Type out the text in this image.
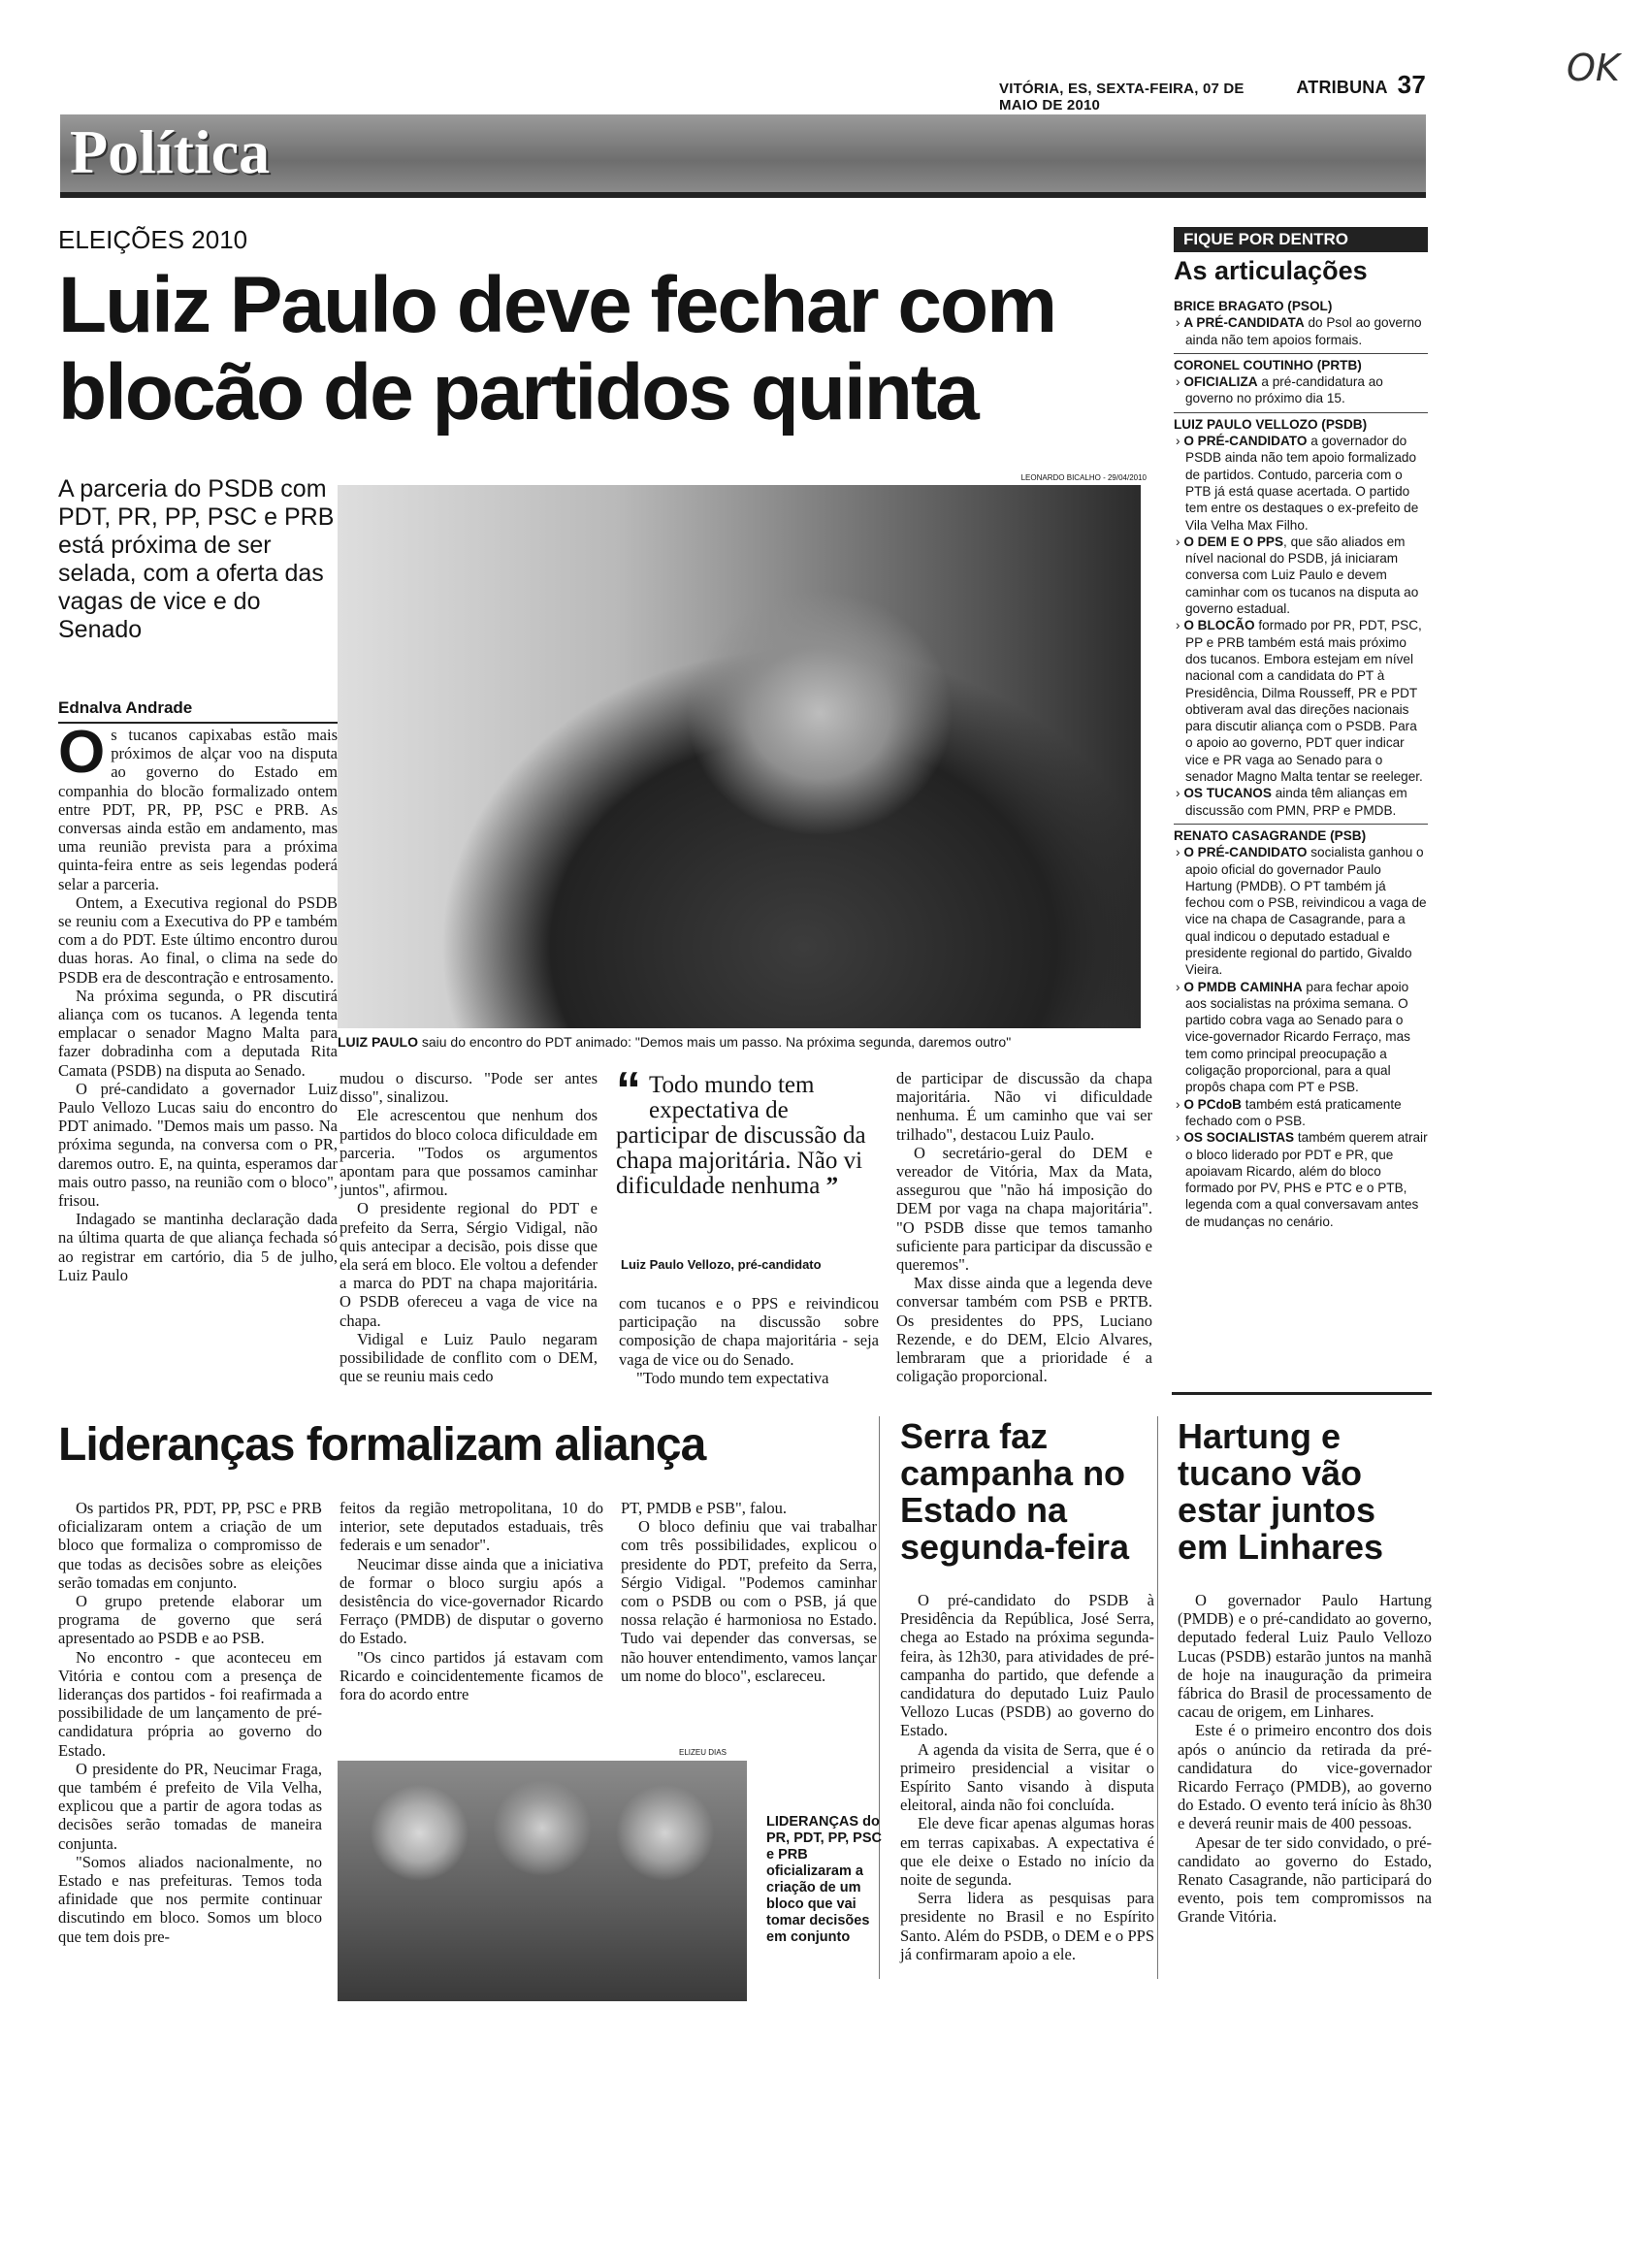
VITÓRIA, ES, SEXTA-FEIRA, 07 DE MAIO DE 2010
ATRIBUNA 37	OK
Política
ELEIÇÕES 2010
Luiz Paulo deve fechar com blocão de partidos quinta
A parceria do PSDB com PDT, PR, PP, PSC e PRB está próxima de ser selada, com a oferta das vagas de vice e do Senado
Ednalva Andrade
O s tucanos capixabas estão mais próximos de alçar voo na disputa ao governo do Estado em companhia do blocão formalizado ontem entre PDT, PR, PP, PSC e PRB. As conversas ainda estão em andamento, mas uma reunião prevista para a próxima quinta-feira entre as seis legendas poderá selar a parceria.

Ontem, a Executiva regional do PSDB se reuniu com a Executiva do PP e também com a do PDT. Este último encontro durou duas horas. Ao final, o clima na sede do PSDB era de descontração e entrosamento.

Na próxima segunda, o PR discutirá aliança com os tucanos. A legenda tenta emplacar o senador Magno Malta para fazer dobradinha com a deputada Rita Camata (PSDB) na disputa ao Senado.

O pré-candidato a governador Luiz Paulo Vellozo Lucas saiu do encontro do PDT animado. "Demos mais um passo. Na próxima segunda, na conversa com o PR, daremos outro. E, na quinta, esperamos dar mais outro passo, na reunião com o bloco", frisou.

Indagado se mantinha declaração dada na última quarta de que aliança fechada só ao registrar em cartório, dia 5 de julho, Luiz Paulo

LEONARDO BICALHO - 29/04/2010
LUIZ PAULO saiu do encontro do PDT animado: "Demos mais um passo. Na próxima segunda, daremos outro"

mudou o discurso. "Pode ser antes disso", sinalizou.

Ele acrescentou que nenhum dos partidos do bloco coloca dificuldade em parceria. "Todos os argumentos apontam para que possamos caminhar juntos", afirmou.

O presidente regional do PDT e prefeito da Serra, Sérgio Vidigal, não quis antecipar a decisão, pois disse que ela será em bloco. Ele voltou a defender a marca do PDT na chapa majoritária. O PSDB ofereceu a vaga de vice na chapa.

Vidigal e Luiz Paulo negaram possibilidade de conflito com o DEM, que se reuniu mais cedo

“ Todo mundo tem expectativa de participar de discussão da chapa majoritária. Não vi dificuldade nenhuma ”
Luiz Paulo Vellozo, pré-candidato

com tucanos e o PPS e reivindicou participação na discussão sobre composição de chapa majoritária - seja vaga de vice ou do Senado.

"Todo mundo tem expectativa

de participar de discussão da chapa majoritária. Não vi dificuldade nenhuma. É um caminho que vai ser trilhado", destacou Luiz Paulo.

O secretário-geral do DEM e vereador de Vitória, Max da Mata, assegurou que "não há imposição do DEM por vaga na chapa majoritária". "O PSDB disse que temos tamanho suficiente para participar da discussão e queremos".

Max disse ainda que a legenda deve conversar também com PSB e PRTB. Os presidentes do PPS, Luciano Rezende, e do DEM, Elcio Alvares, lembraram que a prioridade é a coligação proporcional.

FIQUE POR DENTRO
As articulações
BRICE BRAGATO (PSOL)
› A PRÉ-CANDIDATA do Psol ao governo ainda não tem apoios formais.
CORONEL COUTINHO (PRTB)
› OFICIALIZA a pré-candidatura ao governo no próximo dia 15.
LUIZ PAULO VELLOZO (PSDB)
› O PRÉ-CANDIDATO a governador do PSDB ainda não tem apoio formalizado de partidos. Contudo, parceria com o PTB já está quase acertada. O partido tem entre os destaques o ex-prefeito de Vila Velha Max Filho.
› O DEM E O PPS, que são aliados em nível nacional do PSDB, já iniciaram conversa com Luiz Paulo e devem caminhar com os tucanos na disputa ao governo estadual.
› O BLOCÃO formado por PR, PDT, PSC, PP e PRB também está mais próximo dos tucanos. Embora estejam em nível nacional com a candidata do PT à Presidência, Dilma Rousseff, PR e PDT obtiveram aval das direções nacionais para discutir aliança com o PSDB. Para o apoio ao governo, PDT quer indicar vice e PR vaga ao Senado para o senador Magno Malta tentar se reeleger.
› OS TUCANOS ainda têm alianças em discussão com PMN, PRP e PMDB.
RENATO CASAGRANDE (PSB)
› O PRÉ-CANDIDATO socialista ganhou o apoio oficial do governador Paulo Hartung (PMDB). O PT também já fechou com o PSB, reivindicou a vaga de vice na chapa de Casagrande, para a qual indicou o deputado estadual e presidente regional do partido, Givaldo Vieira.
› O PMDB CAMINHA para fechar apoio aos socialistas na próxima semana. O partido cobra vaga ao Senado para o vice-governador Ricardo Ferraço, mas tem como principal preocupação a coligação proporcional, para a qual propôs chapa com PT e PSB.
› O PCdoB também está praticamente fechado com o PSB.
› OS SOCIALISTAS também querem atrair o bloco liderado por PDT e PR, que apoiavam Ricardo, além do bloco formado por PV, PHS e PTC e o PTB, legenda com a qual conversavam antes de mudanças no cenário.
Lideranças formalizam aliança

Os partidos PR, PDT, PP, PSC e PRB oficializaram ontem a criação de um bloco que formaliza o compromisso de que todas as decisões sobre as eleições serão tomadas em conjunto.

O grupo pretende elaborar um programa de governo que será apresentado ao PSDB e ao PSB.

No encontro - que aconteceu em Vitória e contou com a presença de lideranças dos partidos - foi reafirmada a possibilidade de um lançamento de pré-candidatura própria ao governo do Estado.

O presidente do PR, Neucimar Fraga, que também é prefeito de Vila Velha, explicou que a partir de agora todas as decisões serão tomadas de maneira conjunta.

"Somos aliados nacionalmente, no Estado e nas prefeituras. Temos toda afinidade que nos permite continuar discutindo em bloco. Somos um bloco que tem dois pre-

feitos da região metropolitana, 10 do interior, sete deputados estaduais, três federais e um senador".

Neucimar disse ainda que a iniciativa de formar o bloco surgiu após a desistência do vice-governador Ricardo Ferraço (PMDB) de disputar o governo do Estado.

"Os cinco partidos já estavam com Ricardo e coincidentemente ficamos de fora do acordo entre

PT, PMDB e PSB", falou.

O bloco definiu que vai trabalhar com três possibilidades, explicou o presidente do PDT, prefeito da Serra, Sérgio Vidigal. "Podemos caminhar com o PSDB ou com o PSB, já que nossa relação é harmoniosa no Estado. Tudo vai depender das conversas, se não houver entendimento, vamos lançar um nome do bloco", esclareceu.

ELIZEU DIAS
LIDERANÇAS do PR, PDT, PP, PSC e PRB oficializaram a criação de um bloco que vai tomar decisões em conjunto
Serra faz campanha no Estado na segunda-feira

O pré-candidato do PSDB à Presidência da República, José Serra, chega ao Estado na próxima segunda-feira, às 12h30, para atividades de pré-campanha do partido, que defende a candidatura do deputado Luiz Paulo Vellozo Lucas (PSDB) ao governo do Estado.

A agenda da visita de Serra, que é o primeiro presidencial a visitar o Espírito Santo visando à disputa eleitoral, ainda não foi concluída.

Ele deve ficar apenas algumas horas em terras capixabas. A expectativa é que ele deixe o Estado no início da noite de segunda.

Serra lidera as pesquisas para presidente no Brasil e no Espírito Santo. Além do PSDB, o DEM e o PPS já confirmaram apoio a ele.

Hartung e tucano vão estar juntos em Linhares

O governador Paulo Hartung (PMDB) e o pré-candidato ao governo, deputado federal Luiz Paulo Vellozo Lucas (PSDB) estarão juntos na manhã de hoje na inauguração da primeira fábrica do Brasil de processamento de cacau de origem, em Linhares.

Este é o primeiro encontro dos dois após o anúncio da retirada da pré-candidatura do vice-governador Ricardo Ferraço (PMDB), ao governo do Estado. O evento terá início às 8h30 e deverá reunir mais de 400 pessoas.

Apesar de ter sido convidado, o pré-candidato ao governo do Estado, Renato Casagrande, não participará do evento, pois tem compromissos na Grande Vitória.
